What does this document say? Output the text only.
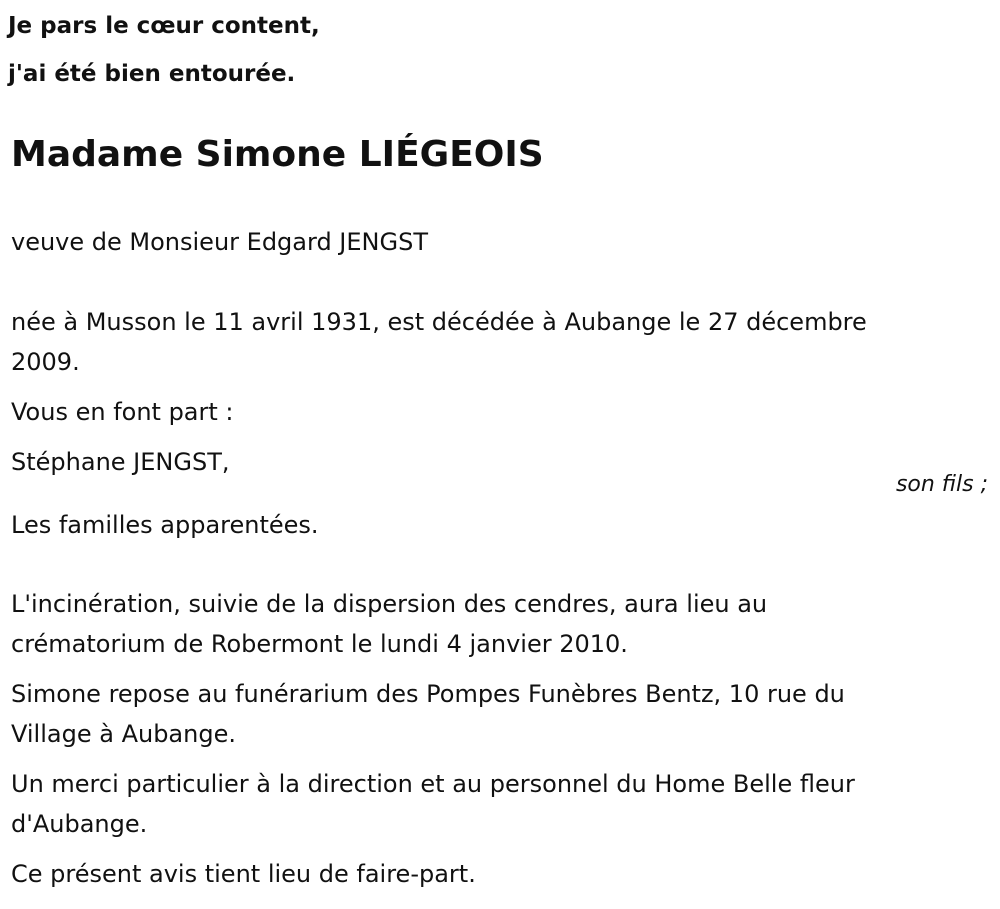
Je pars le cœur content,
j'ai été bien entourée.
Madame Simone LIÉGEOIS
veuve de Monsieur Edgard JENGST
née à Musson le 11 avril 1931, est décédée à Aubange le 27 décembre
2009.
Vous en font part :
Stéphane JENGST,
son fils ;
Les familles apparentées.
L'incinération, suivie de la dispersion des cendres, aura lieu au
crématorium de Robermont le lundi 4 janvier 2010.
Simone repose au funérarium des Pompes Funèbres Bentz, 10 rue du
Village à Aubange.
Un merci particulier à la direction et au personnel du Home Belle fleur
d'Aubange.
Ce présent avis tient lieu de faire-part.
